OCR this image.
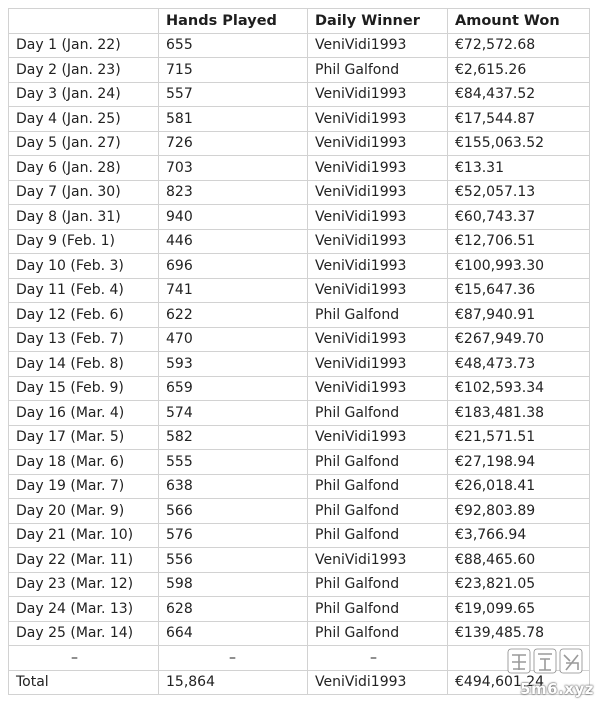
	Hands Played	Daily Winner	Amount Won
Day 1 (Jan. 22)	655	VeniVidi1993	€72,572.68
Day 2 (Jan. 23)	715	Phil Galfond	€2,615.26
Day 3 (Jan. 24)	557	VeniVidi1993	€84,437.52
Day 4 (Jan. 25)	581	VeniVidi1993	€17,544.87
Day 5 (Jan. 27)	726	VeniVidi1993	€155,063.52
Day 6 (Jan. 28)	703	VeniVidi1993	€13.31
Day 7 (Jan. 30)	823	VeniVidi1993	€52,057.13
Day 8 (Jan. 31)	940	VeniVidi1993	€60,743.37
Day 9 (Feb. 1)	446	VeniVidi1993	€12,706.51
Day 10 (Feb. 3)	696	VeniVidi1993	€100,993.30
Day 11 (Feb. 4)	741	VeniVidi1993	€15,647.36
Day 12 (Feb. 6)	622	Phil Galfond	€87,940.91
Day 13 (Feb. 7)	470	VeniVidi1993	€267,949.70
Day 14 (Feb. 8)	593	VeniVidi1993	€48,473.73
Day 15 (Feb. 9)	659	VeniVidi1993	€102,593.34
Day 16 (Mar. 4)	574	Phil Galfond	€183,481.38
Day 17 (Mar. 5)	582	VeniVidi1993	€21,571.51
Day 18 (Mar. 6)	555	Phil Galfond	€27,198.94
Day 19 (Mar. 7)	638	Phil Galfond	€26,018.41
Day 20 (Mar. 9)	566	Phil Galfond	€92,803.89
Day 21 (Mar. 10)	576	Phil Galfond	€3,766.94
Day 22 (Mar. 11)	556	VeniVidi1993	€88,465.60
Day 23 (Mar. 12)	598	Phil Galfond	€23,821.05
Day 24 (Mar. 13)	628	Phil Galfond	€19,099.65
Day 25 (Mar. 14)	664	Phil Galfond	€139,485.78
–	–	–	
Total	15,864	VeniVidi1993	€494,601.24
5m6.xyz
